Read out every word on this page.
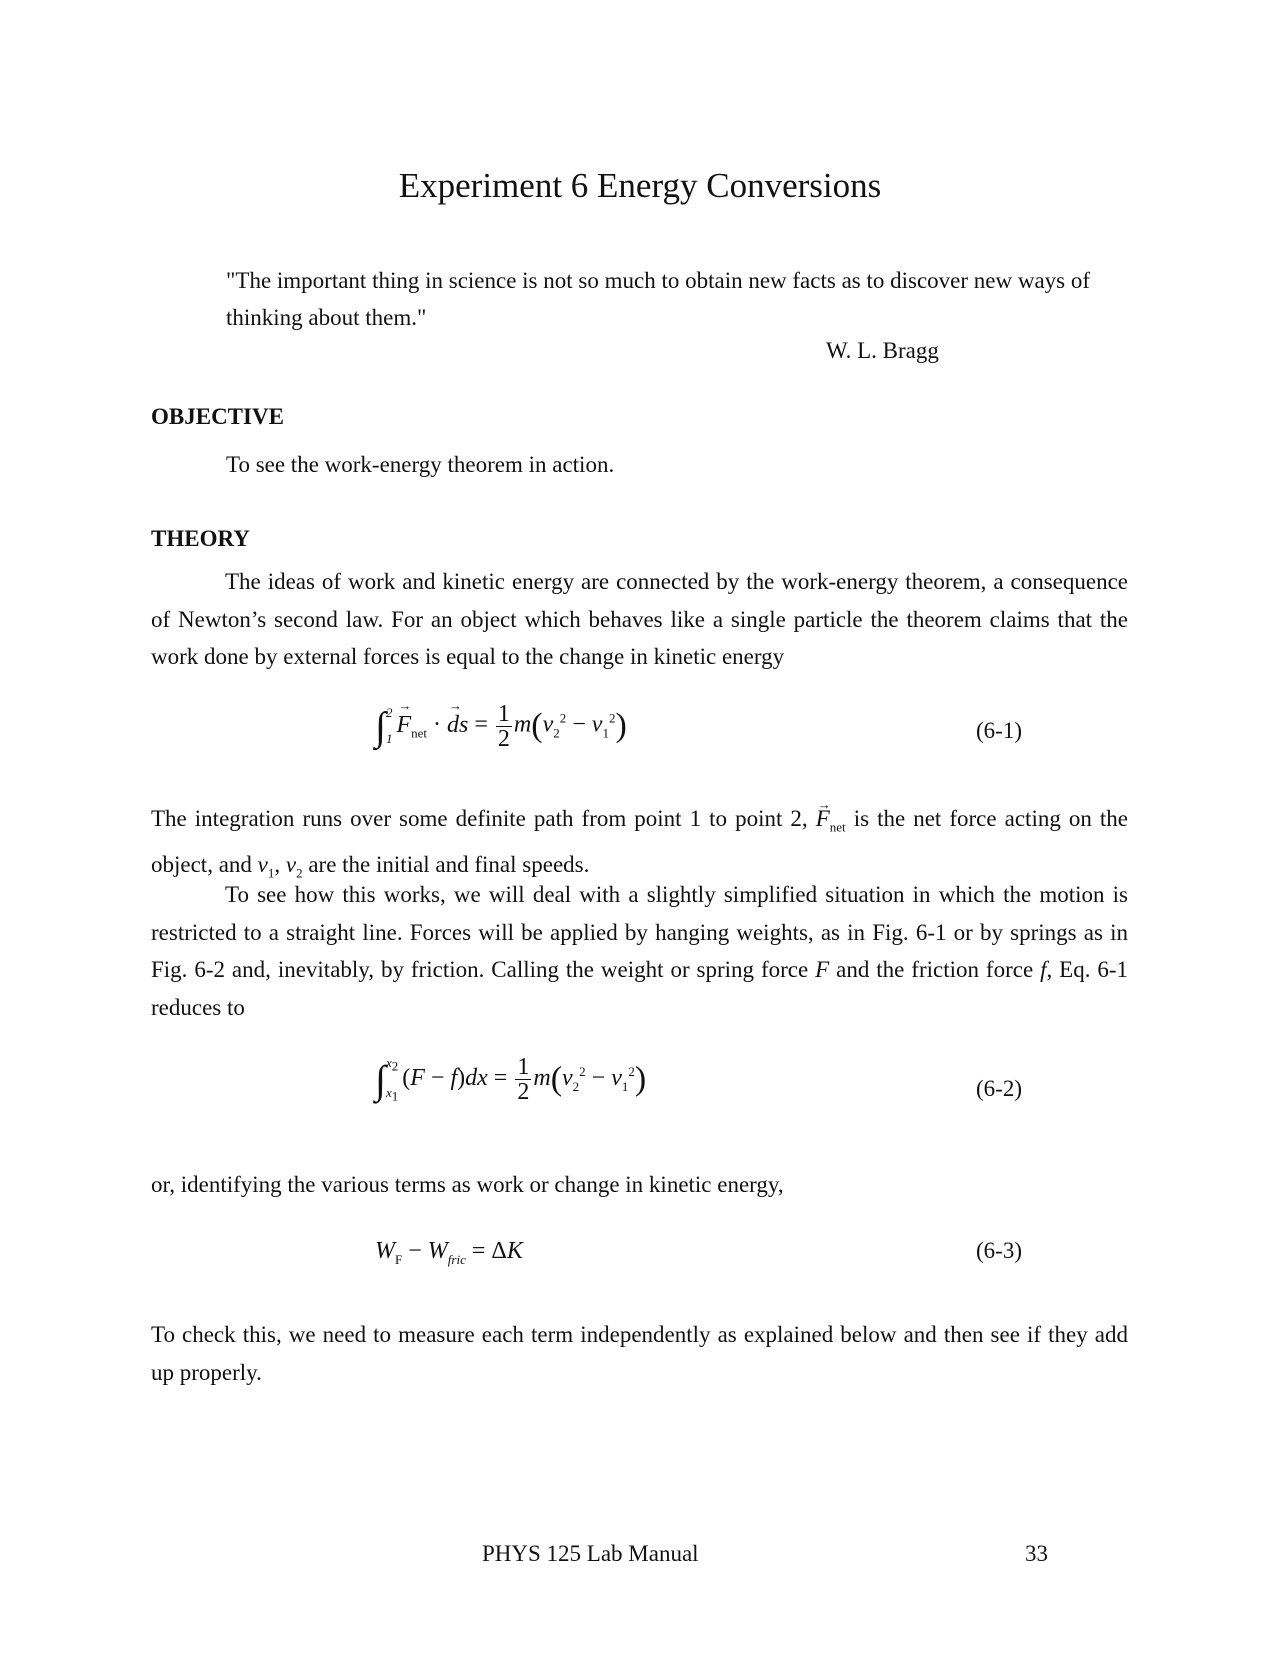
Experiment 6 Energy Conversions
"The important thing in science is not so much to obtain new facts as to discover new ways of thinking about them."
W. L. Bragg
OBJECTIVE
To see the work-energy theorem in action.
THEORY
The ideas of work and kinetic energy are connected by the work-energy theorem, a consequence of Newton’s second law. For an object which behaves like a single particle the theorem claims that the work done by external forces is equal to the change in kinetic energy
∫ 2
1
→ $F_{net}$ · → ds = $\frac{1}{2} m(v_2^2 - v_1^2)$	(6-1)
The integration runs over some definite path from point 1 to point 2, → $F_{net}$ is the net force acting on the object, and $v_1$, $v_2$ are the initial and final speeds.
To see how this works, we will deal with a slightly simplified situation in which the motion is restricted to a straight line. Forces will be applied by hanging weights, as in Fig. 6-1 or by springs as in Fig. 6-2 and, inevitably, by friction. Calling the weight or spring force F and the friction force f, Eq. 6-1 reduces to
∫ $x_2$
$x_1$
$(F - f)dx = \frac{1}{2} m(v_2^2 - v_1^2)$	(6-2)
or, identifying the various terms as work or change in kinetic energy,
$W_F - W_{fric} = \Delta K$	(6-3)
To check this, we need to measure each term independently as explained below and then see if they add up properly.
PHYS 125 Lab Manual	33
